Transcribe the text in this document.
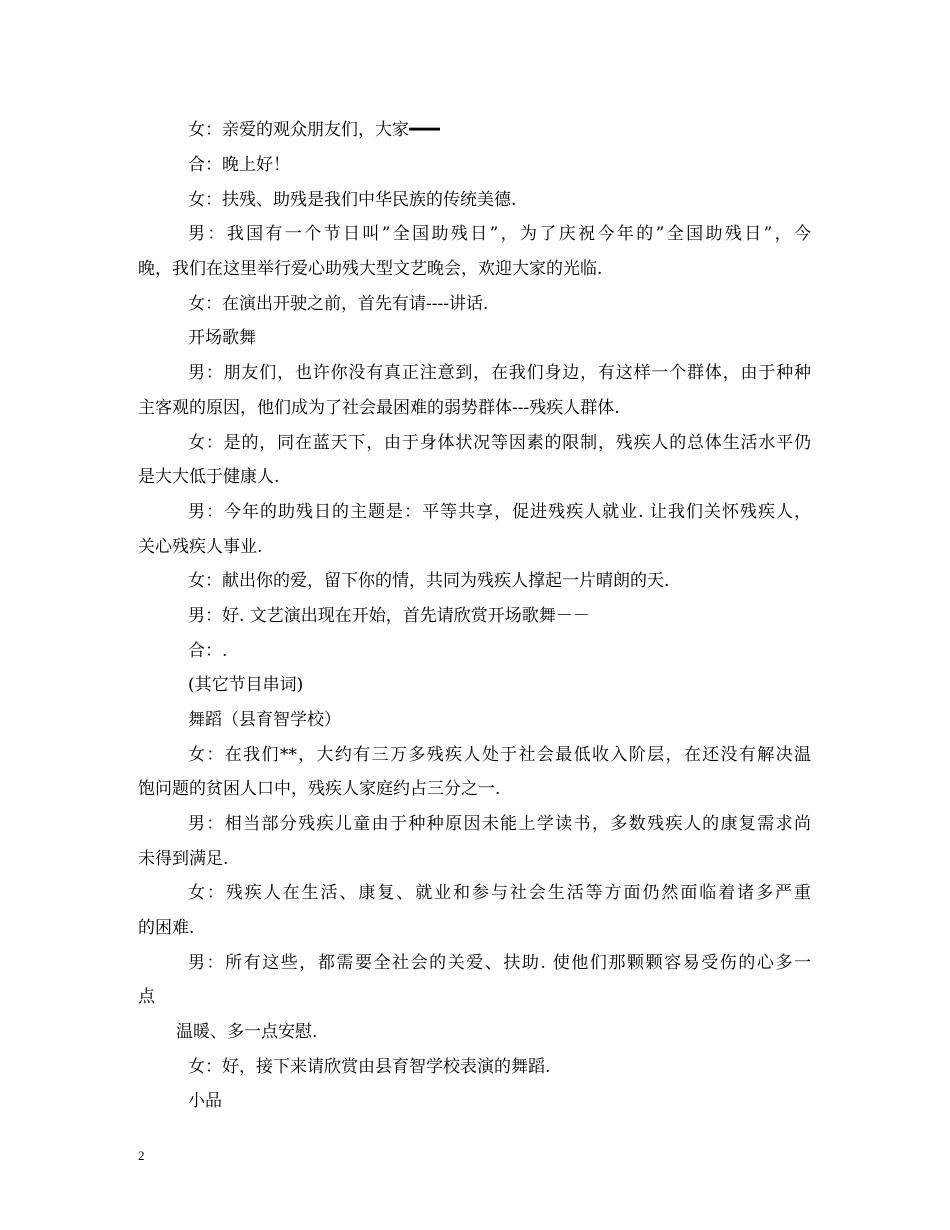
女：亲爱的观众朋友们，大家━━━
合：晚上好！
女：扶残、助残是我们中华民族的传统美德.
男：我国有一个节日叫”全国助残日”，为了庆祝今年的”全国助残日”，今
晚，我们在这里举行爱心助残大型文艺晚会，欢迎大家的光临.
女：在演出开驶之前，首先有请----讲话.
开场歌舞
男：朋友们，也许你没有真正注意到，在我们身边，有这样一个群体，由于种种
主客观的原因，他们成为了社会最困难的弱势群体---残疾人群体.
女：是的，同在蓝天下，由于身体状况等因素的限制，残疾人的总体生活水平仍
是大大低于健康人.
男：今年的助残日的主题是：平等共享，促进残疾人就业. 让我们关怀残疾人，
关心残疾人事业.
女：献出你的爱，留下你的情，共同为残疾人撑起一片晴朗的天.
男：好. 文艺演出现在开始，首先请欣赏开场歌舞－－
合：.
(其它节目串词)
舞蹈（县育智学校）
女：在我们**，大约有三万多残疾人处于社会最低收入阶层，在还没有解决温
饱问题的贫困人口中，残疾人家庭约占三分之一.
男：相当部分残疾儿童由于种种原因未能上学读书，多数残疾人的康复需求尚
未得到满足.
女：残疾人在生活、康复、就业和参与社会生活等方面仍然面临着诸多严重
的困难.
男：所有这些，都需要全社会的关爱、扶助. 使他们那颗颗容易受伤的心多一
点
温暖、多一点安慰.
女：好，接下来请欣赏由县育智学校表演的舞蹈.
小品
2
